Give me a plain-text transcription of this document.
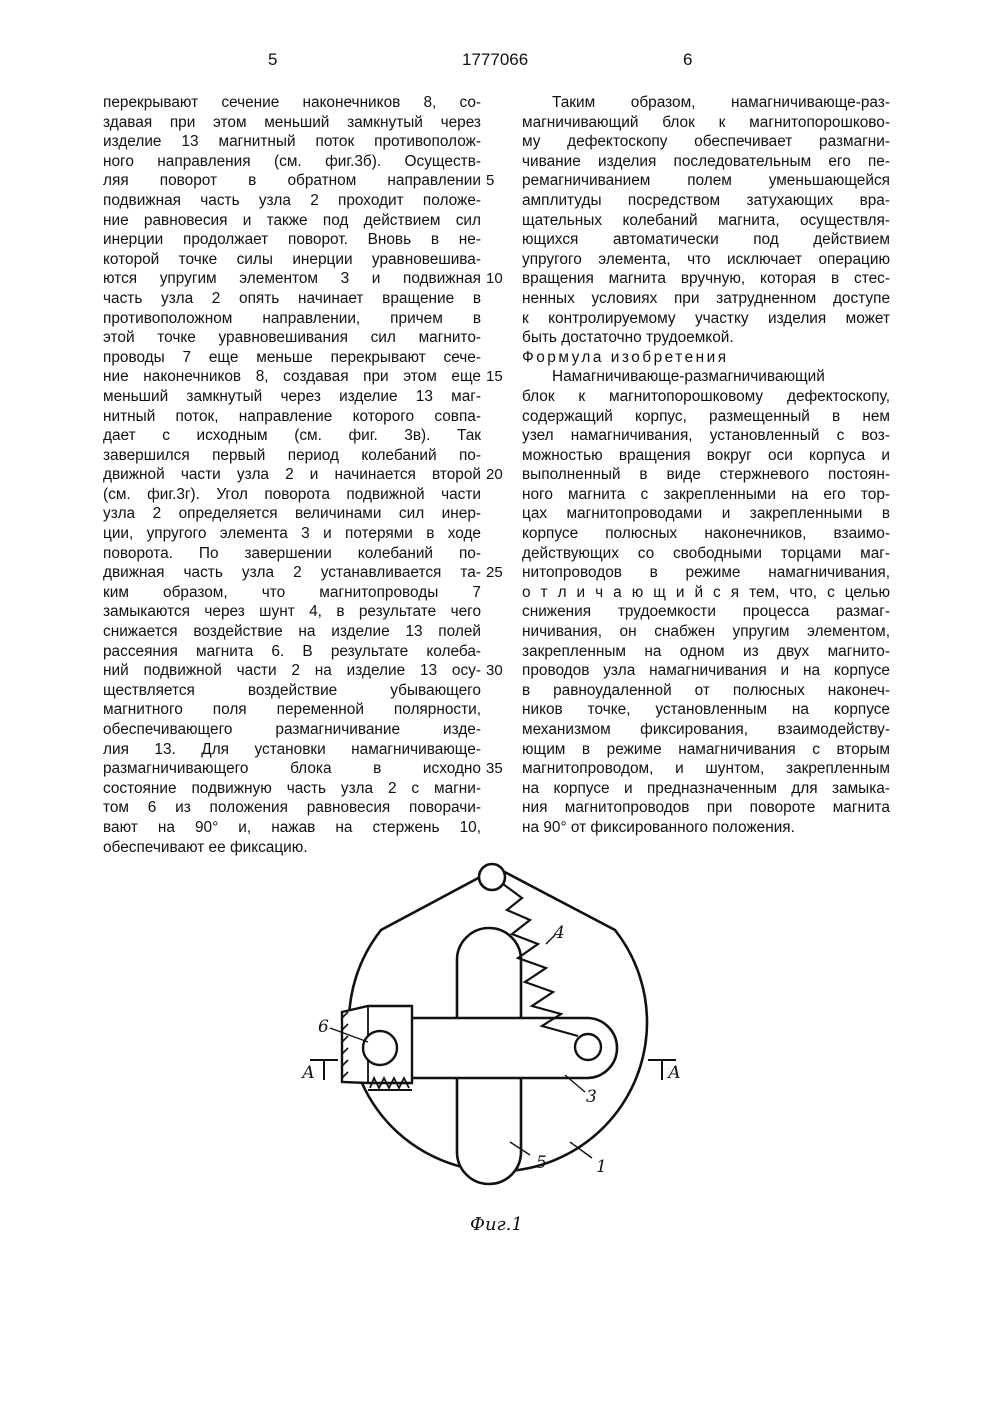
5	1777066	6

перекрывают сечение наконечников 8, со-

здавая при этом меньший замкнутый через

изделие 13 магнитный поток противополож-

ного направления (см. фиг.3б). Осуществ-

ляя поворот в обратном направлении

подвижная часть узла 2 проходит положе-

ние равновесия и также под действием сил

инерции продолжает поворот. Вновь в не-

которой точке силы инерции уравновешива-

ются упругим элементом 3 и подвижная

часть узла 2 опять начинает вращение в

противоположном направлении, причем в

этой точке уравновешивания сил магнито-

проводы 7 еще меньше перекрывают сече-

ние наконечников 8, создавая при этом еще

меньший замкнутый через изделие 13 маг-

нитный поток, направление которого совпа-

дает с исходным (см. фиг. 3в). Так

завершился первый период колебаний по-

движной части узла 2 и начинается второй

(см. фиг.3г). Угол поворота подвижной части

узла 2 определяется величинами сил инер-

ции, упругого элемента 3 и потерями в ходе

поворота. По завершении колебаний по-

движная часть узла 2 устанавливается та-

ким образом, что магнитопроводы 7

замыкаются через шунт 4, в результате чего

снижается воздействие на изделие 13 полей

рассеяния магнита 6. В результате колеба-

ний подвижной части 2 на изделие 13 осу-

ществляется воздействие убывающего

магнитного поля переменной полярности,

обеспечивающего размагничивание изде-

лия 13. Для установки намагничивающе-

размагничивающего блока в исходно

состояние подвижную часть узла 2 с магни-

том 6 из положения равновесия поворачи-

вают на 90° и, нажав на стержень 10,

обеспечивают ее фиксацию.

5
10
15
20
25
30
35

Таким образом, намагничивающе-раз-

магничивающий блок к магнитопорошково-

му дефектоскопу обеспечивает размагни-

чивание изделия последовательным его пе-

ремагничиванием полем уменьшающейся

амплитуды посредством затухающих вра-

щательных колебаний магнита, осуществля-

ющихся автоматически под действием

упругого элемента, что исключает операцию

вращения магнита вручную, которая в стес-

ненных условиях при затрудненном доступе

к контролируемому участку изделия может

быть достаточно трудоемкой.

Формула изобретения

Намагничивающе-размагничивающий

блок к магнитопорошковому дефектоскопу,

содержащий корпус, размещенный в нем

узел намагничивания, установленный с воз-

можностью вращения вокруг оси корпуса и

выполненный в виде стержневого постоян-

ного магнита с закрепленными на его тор-

цах магнитопроводами и закрепленными в

корпусе полюсных наконечников, взаимо-

действующих со свободными торцами маг-

нитопроводов в режиме намагничивания,

о т л и ч а ю щ и й с я тем, что, с целью

снижения трудоемкости процесса размаг-

ничивания, он снабжен упругим элементом,

закрепленным на одном из двух магнито-

проводов узла намагничивания и на корпусе

в равноудаленной от полюсных наконеч-

ников точке, установленным на корпусе

механизмом фиксирования, взаимодейству-

ющим в режиме намагничивания с вторым

магнитопроводом, и шунтом, закрепленным

на корпусе и предназначенным для замыка-

ния магнитопроводов при повороте магнита

на 90° от фиксированного положения.

4
6
3
5	1
А	А
Фиг.1
